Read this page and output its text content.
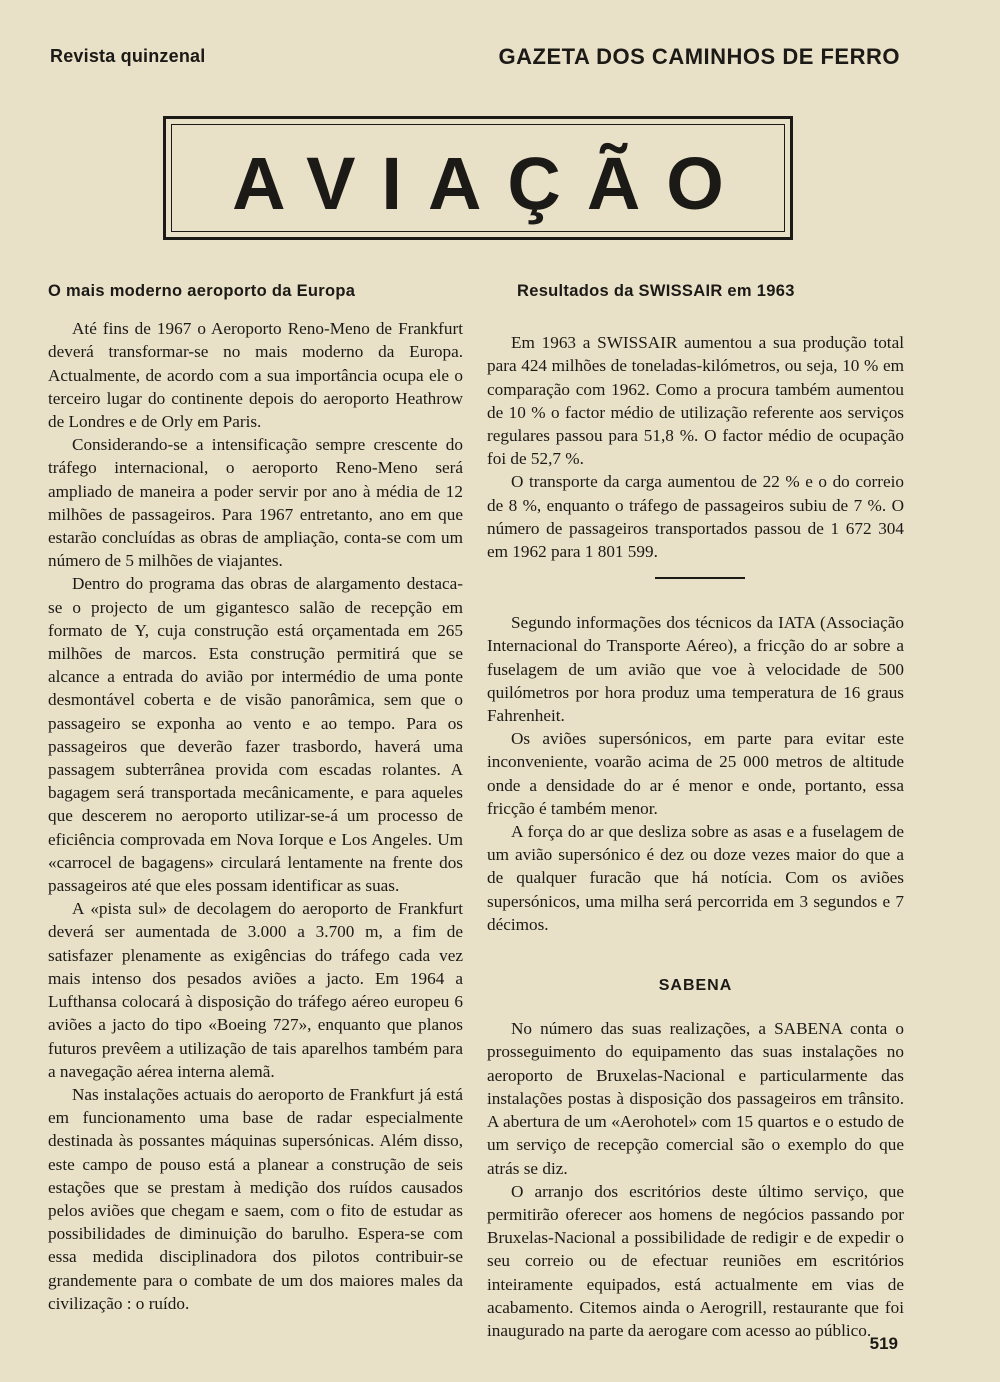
Revista quinzenal	GAZETA DOS CAMINHOS DE FERRO
AVIAÇÃO
O mais moderno aeroporto da Europa

Até fins de 1967 o Aeroporto Reno-Meno de Frankfurt deverá transformar-se no mais moderno da Europa. Actualmente, de acordo com a sua importância ocupa ele o terceiro lugar do continente depois do aeroporto Heathrow de Londres e de Orly em Paris.

Considerando-se a intensificação sempre crescente do tráfego internacional, o aeroporto Reno-Meno será ampliado de maneira a poder servir por ano à média de 12 milhões de passageiros. Para 1967 entretanto, ano em que estarão concluídas as obras de ampliação, conta-se com um número de 5 milhões de viajantes.

Dentro do programa das obras de alargamento destaca-se o projecto de um gigantesco salão de recepção em formato de Y, cuja construção está orçamentada em 265 milhões de marcos. Esta construção permitirá que se alcance a entrada do avião por intermédio de uma ponte desmontável coberta e de visão panorâmica, sem que o passageiro se exponha ao vento e ao tempo. Para os passageiros que deverão fazer trasbordo, haverá uma passagem subterrânea provida com escadas rolantes. A bagagem será transportada mecânicamente, e para aqueles que descerem no aeroporto utilizar-se-á um processo de eficiência comprovada em Nova Iorque e Los Angeles. Um «carrocel de bagagens» circulará lentamente na frente dos passageiros até que eles possam identificar as suas.

A «pista sul» de decolagem do aeroporto de Frankfurt deverá ser aumentada de 3.000 a 3.700 m, a fim de satisfazer plenamente as exigências do tráfego cada vez mais intenso dos pesados aviões a jacto. Em 1964 a Lufthansa colocará à disposição do tráfego aéreo europeu 6 aviões a jacto do tipo «Boeing 727», enquanto que planos futuros prevêem a utilização de tais aparelhos também para a navegação aérea interna alemã.

Nas instalações actuais do aeroporto de Frankfurt já está em funcionamento uma base de radar especialmente destinada às possantes máquinas supersónicas. Além disso, este campo de pouso está a planear a construção de seis estações que se prestam à medição dos ruídos causados pelos aviões que chegam e saem, com o fito de estudar as possibilidades de diminuição do barulho. Espera-se com essa medida disciplinadora dos pilotos contribuir-se grandemente para o combate de um dos maiores males da civilização : o ruído.

Resultados da SWISSAIR em 1963

Em 1963 a SWISSAIR aumentou a sua produção total para 424 milhões de toneladas-kilómetros, ou seja, 10 % em comparação com 1962. Como a procura também aumentou de 10 % o factor médio de utilização referente aos serviços regulares passou para 51,8 %. O factor médio de ocupação foi de 52,7 %.

O transporte da carga aumentou de 22 % e o do correio de 8 %, enquanto o tráfego de passageiros subiu de 7 %. O número de passageiros transportados passou de 1 672 304 em 1962 para 1 801 599.

Segundo informações dos técnicos da IATA (Associação Internacional do Transporte Aéreo), a fricção do ar sobre a fuselagem de um avião que voe à velocidade de 500 quilómetros por hora produz uma temperatura de 16 graus Fahrenheit.

Os aviões supersónicos, em parte para evitar este inconveniente, voarão acima de 25 000 metros de altitude onde a densidade do ar é menor e onde, portanto, essa fricção é também menor.

A força do ar que desliza sobre as asas e a fuselagem de um avião supersónico é dez ou doze vezes maior do que a de qualquer furacão que há notícia. Com os aviões supersónicos, uma milha será percorrida em 3 segundos e 7 décimos.

SABENA

No número das suas realizações, a SABENA conta o prosseguimento do equipamento das suas instalações no aeroporto de Bruxelas-Nacional e particularmente das instalações postas à disposição dos passageiros em trânsito. A abertura de um «Aerohotel» com 15 quartos e o estudo de um serviço de recepção comercial são o exemplo do que atrás se diz.

O arranjo dos escritórios deste último serviço, que permitirão oferecer aos homens de negócios passando por Bruxelas-Nacional a possibilidade de redigir e de expedir o seu correio ou de efectuar reuniões em escritórios inteiramente equipados, está actualmente em vias de acabamento. Citemos ainda o Aerogrill, restaurante que foi inaugurado na parte da aerogare com acesso ao público.

519
